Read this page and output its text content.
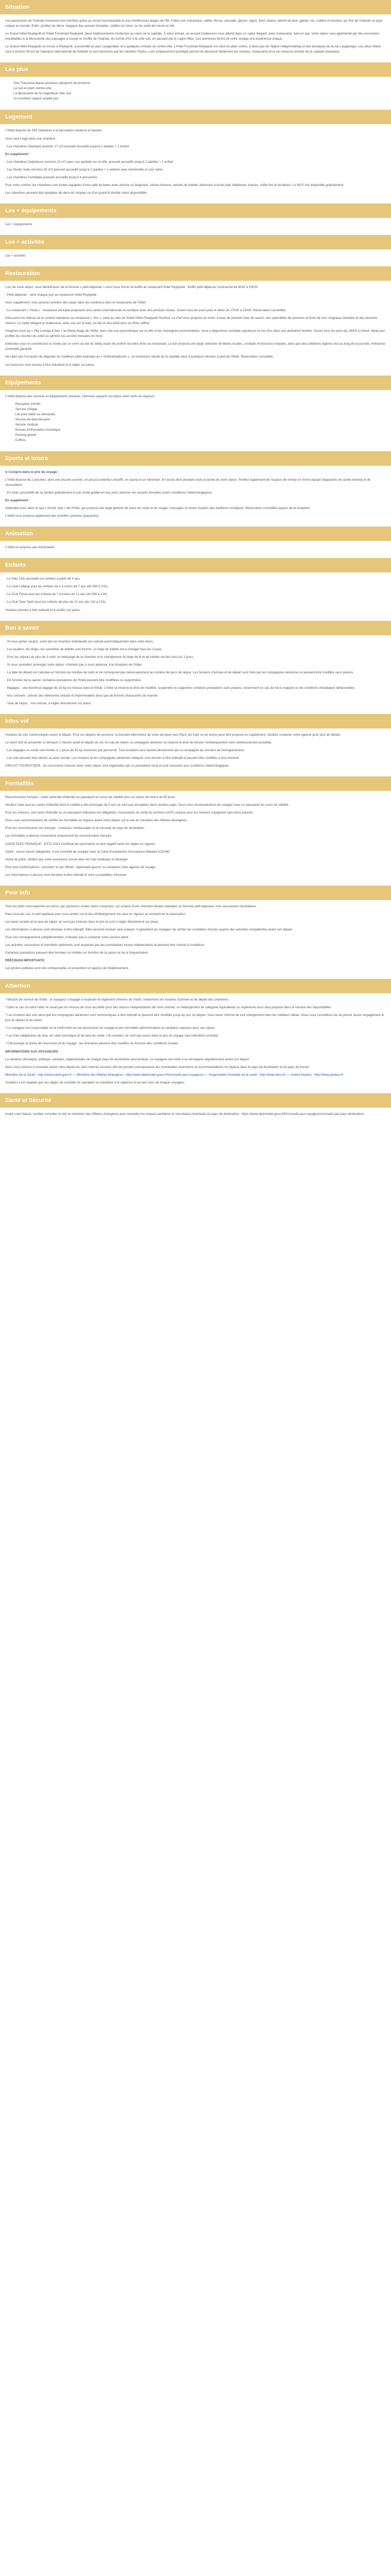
Situation

Les passionnés de l'Islande trouveront leur bonheur grâce au circuit incomparable et aux nombreuses plages de l'Île. Faites-voir volcanique, vallée, fleuve, cascade, geyser, lagon, fjord, falaise, désert de lave, glacier, lac, cratère et toundra, qui font de l'Islande un pays unique au monde. Enfin, profitez du décor magique des aurores boréales, visibles en hiver, ou du soleil de minuit en été.

Le Grand Hôtel Reykjavik et l'hôtel Fosshotel Reykjavik, deux établissements modernes au cœur de la capitale. À votre arrivée, un accueil chaleureux vous attend dans un cadre élégant, avec restaurants, bars et spa. Votre séjour sera agrémenté par des excursions inoubliables à la découverte des paysages à couper le souffle de l'Islande, du Cercle d'Or à la côte sud, en passant par le Lagon Bleu. Ces aventures feront de votre voyage une expérience unique.

Le Grand Hôtel Reykjavik se trouve à Reykjavik, à proximité du parc Laugardalur et à quelques minutes du centre-ville. L'hôtel Fosshotel Reykjavik est situé en plein centre, à deux pas de l'église Hallgrímskirkja et des boutiques de la rue Laugavegur. Les deux hôtels sont à environ 50 km de l'aéroport international de Keflavík et sont desservis par les navettes Flybus. Leur emplacement privilégié permet de découvrir facilement les musées, restaurants et la vie nocturne animée de la capitale islandaise.

Les plus
Vols Transavia depuis plusieurs aéroports de province
La nuit en plein centre-ville
La découverte de la magnifique côte sud
Un excellent rapport qualité-prix
Logement

L'hôtel dispose de 339 chambres à la décoration moderne et épurée.

Vous serez logé dans une chambre :

- Les chambres Standard (environ 17 m²) pouvant accueillir jusqu'à 2 adultes + 1 enfant

En supplément :

- Les chambres Supérieure (environ 22 m²) avec vue partielle sur la ville, pouvant accueillir jusqu'à 2 adultes + 1 enfant

- Les Studio Suite (environ 35 m²) pouvant accueillir jusqu'à 2 adultes + 2 enfants avec kitchenette et coin salon

- Les chambres Familiales pouvant accueillir jusqu'à 4 personnes

Pour votre confort, les chambres sont toutes équipées d'une salle de bains avec douche ou baignoire, sèche-cheveux, articles de toilette, télévision à écran plat, téléphone, bureau, coffre-fort et bouilloire. Le Wi-Fi est disponible gratuitement.

Les chambres peuvent être équipées de deux lits simples ou d'un grand lit double selon disponibilité.

Les + équipements

Les + équipements

Les + activités

Les + activités

Restauration

Lors de votre séjour, vous bénéficierez de la formule « petit-déjeuner » servi sous forme de buffet au restaurant Hotel Reykjavik : Buffet petit-déjeuner continental de 6h30 à 10h00.

- Petit-déjeuner : servi chaque jour au restaurant Hotel Reykjavik

Avec supplément, vous pourrez prendre des repas dans les nombreux bars et restaurants de l'hôtel :

- Le restaurant « Fésta » : restaurant principal proposant une cuisine internationale et nordique avec des produits locaux. Ouvert tous les jours pour le dîner de 17h30 à 22h00. Réservation conseillée.

Découvrez les délices de la cuisine islandaise au restaurant « Vox », situé au sein de l'hôtel Hilton Reykjavik Nordica. Le chef vous propose un menu à base de produits frais de saison, des spécialités de poissons et fruits de mer, d'agneau islandais et des desserts maison. Le cadre élégant et chaleureux, avec vue sur la baie, en fait un lieu idéal pour un dîner raffiné.

Imaginez-vous au « Sky Lounge & Bar » au 8ème étage de l'hôtel, avec une vue panoramique sur la ville et les montagnes environnantes. Vous y dégusterez cocktails signatures et vins fins dans une ambiance feutrée. Ouvert tous les jours de 16h00 à minuit. Idéal pour profiter du coucher de soleil ou admirer les aurores boréales en hiver.

Détendez-vous et commencez la soirée par un verre au bar du lobby avant de profiter de votre dîner au restaurant. Le bar propose une large sélection de bières locales, cocktails et boissons chaudes, ainsi que des collations légères tout au long de la journée. Ambiance conviviale garantie.

Ne ratez pas l'occasion de déguster les meilleurs plats islandais au « Grillmarkaðurinn », un restaurant réputé de la capitale situé à quelques minutes à pied de l'hôtel. Réservation conseillée.

Les boissons sont servies à titre individuel et à régler sur place.

Equipements

L'hôtel dispose des services et équipements suivants. (Services payants sur place selon tarifs en vigueur) :

- Réception 24/24h
- Service d'étage
- Lits pour bébé sur demande
- Service de blanchisserie
- Service médical
- Bureau d'information touristique
- Parking gratuit
- Coffres
Sports et loisirs

➤ Compris dans le prix du voyage :

L'hôtel dispose de 2 piscines, dont une piscine ouverte, un jacuzzi extérieur chauffé, un sauna et un hammam. En accès libre pendant toute la durée de votre séjour. Profitez également de l'espace de remise en forme équipé d'appareils de cardio-training et de musculation.

- En hiver, possibilité de se joindre gratuitement à une sortie guidée en bus pour observer les aurores boréales (selon conditions météorologiques).

En supplément :

Détendez-vous dans le spa « Nordic Spa » de l'hôtel, qui propose une large gamme de soins du corps et du visage, massages et rituels inspirés des traditions nordiques. Réservation conseillée auprès de la réception.

L'hôtel vous propose également des activités sportives (payantes).

Animation

L'hôtel ne propose pas d'animation.

Enfants

- Le Kids Club accueille vos enfants à partir de 4 ans.

- Le Club Lollipop pour les enfants de 4 à moins de 7 ans (de 09h à 21h).

- Le Club Fiesta pour les enfants de 7 à moins de 12 ans (de 09h à 21h).

- Le Club Teen Spirit pour les enfants de plus de 12 ans (de 13h à 21h).

Horaires donnés à titre indicatif et à vérifier sur place.

Bon à savoir

- Si vous partez seul(e), votre prix en chambre individuelle est calculé automatiquement dans votre devis.

- Les lavabos, les draps, les serviettes de toilette sont fournis. Le linge de toilette est à changer tous les 3 jours.

- Pour les séjours de plus de 3 nuits, le nettoyage de la chambre et le changement du linge de lit et de toilette ont lieu tous les 3 jours.

- Si vous souhaitez prolonger votre séjour, n'hésitez pas à vous adresser à la réception de l'hôtel.

- La date de départ est calculée en fonction du nombre de nuits et ne correspond pas nécessairement au nombre de jours de séjour. Les horaires d'arrivée et de départ sont fixés par les compagnies aériennes et peuvent être modifiés sans préavis.

- En fonction de la saison, certaines prestations de l'hôtel peuvent être modifiées ou supprimées.

- Bagages : une franchise bagage de 23 kg est incluse dans le forfait. L'hôtel se réserve le droit de modifier, suspendre ou supprimer certaines prestations sans préavis, notamment en cas de force majeure ou de conditions climatiques défavorables.

- Nos conseils : prévoir des vêtements chauds et imperméables ainsi que de bonnes chaussures de marche.

- Taxe de séjour : non incluse, à régler directement sur place.

Infos vol

Horaires de vols communiqués avant le départ. Pour les départs de province, le transfert aller/retour de votre aéroport vers Paris (en train ou en avion) peut être proposé en supplément. Veuillez contacter votre agence pour plus de détails.

Le client doit se présenter à l'aéroport 2 heures avant le départ du vol. En cas de retard, la compagnie aérienne se réserve le droit de refuser l'embarquement sans remboursement possible.

- Les bagages en soute sont limités à 1 pièce de 23 kg maximum par personne. Tout excédent sera facturé directement par la compagnie au moment de l'enregistrement.

- Les vols peuvent être directs ou avec escale. Les horaires et les compagnies aériennes indiqués sont donnés à titre indicatif et peuvent être modifiés à tout moment.

CIRCUIT TOURISTIQUE : les excursions incluses dans votre séjour sont organisées par un prestataire local et sont soumises aux conditions météorologiques.

Formalités

Ressortissants français : carte nationale d'identité ou passeport en cours de validité pour un séjour de moins de 90 jours.

Veuillez noter que les cartes d'identité dont la validité a été prolongée de 5 ans ne sont pas acceptées dans certains pays. Nous vous recommandons de voyager avec un passeport en cours de validité.

Pour les mineurs, une carte d'identité ou un passeport individuel est obligatoire. Autorisation de sortie du territoire (AST) requise pour les mineurs voyageant sans leurs parents.

Nous vous recommandons de vérifier les formalités en vigueur avant votre départ sur le site du ministère des Affaires étrangères.

Pour les ressortissants non français : contactez l'ambassade ou le consulat du pays de destination.

Les formalités ci-dessus concernent uniquement les ressortissants français.

COVID ÉLECTRONIQUE : ESTA-2021 Certificat de vaccination ou test négatif selon les règles en vigueur.

Santé : aucun vaccin obligatoire. Il est conseillé de voyager avec la Carte Européenne d'Assurance Maladie (CEAM).

Avant de partir, vérifiez que votre assurance couvre bien les frais médicaux à l'étranger.

Pour plus d'informations, consultez le site officiel : diplomatie.gouv.fr ou contactez votre agence de voyage.

Les informations ci-dessus sont données à titre indicatif et sont susceptibles d'évoluer.

Pour info

Tous les tarifs sont exprimés en euros, par personne, toutes taxes comprises, sur la base d'une chambre double standard, en formule petit-déjeuner, hors assurances facultatives.

Dans tous les cas, le tarif appliqué pour vous rendre sur le lieu d'hébergement est celui en vigueur au moment de la réservation.

Les taxes locales et la taxe de séjour ne sont pas incluses dans le prix et sont à régler directement sur place.

Les informations ci-dessus sont données à titre indicatif. Elles peuvent évoluer sans préavis. Il appartient au voyageur de vérifier les conditions d'accès auprès des autorités compétentes avant son départ.

Pour tout renseignement complémentaire, n'hésitez pas à contacter notre service client.

Les activités, excursions et transferts optionnels sont proposés par des prestataires locaux indépendants et peuvent être soumis à conditions.

Certaines prestations peuvent être fermées ou limitées en fonction de la saison et de la fréquentation.

PRÉCISION IMPORTANTE

Les photos publiées sont non contractuelles et présentent un aperçu de l'établissement.

Attention

* Mission de service de l'hôtel : le voyageur s'engage à respecter le règlement intérieur de l'hôtel, notamment les horaires d'arrivée et de départ des chambres.

* Dans le cas où votre hôtel ne serait pas en mesure de vous accueillir pour des raisons indépendantes de notre volonté, un hébergement de catégorie équivalente ou supérieure vous sera proposé dans la mesure des disponibilités.

* Les horaires des vols ainsi que les compagnies aériennes sont communiqués à titre indicatif et peuvent être modifiés jusqu'au jour du départ. Vous serez informé de tout changement dans les meilleurs délais. Nous vous conseillons de ne prévoir aucun engagement le jour du départ et du retour.

* Le voyageur est responsable de la conformité de ses documents de voyage et des formalités administratives et sanitaires requises pour son séjour.

* Les frais obligatoires de visa, de carte touristique et de taxe de sortie, s'ils existent, ne sont pas inclus dans le prix du voyage sauf indication contraire.

* Chronologie et durée de l'excursion et du voyage : les itinéraires peuvent être modifiés en fonction des conditions locales.

INFORMATIONS AUX VOYAGEURS

La situation climatique, politique, sanitaire, réglementaire de chaque pays de destination peut évoluer. Le voyageur est invité à se renseigner régulièrement avant son départ.

Nous vous invitons à consulter avant votre départ les sites internet suivants afin de prendre connaissance des éventuelles restrictions et recommandations en vigueur dans le pays de destination et du pays de transit.

Ministère de la Santé : http://www.sante.gouv.fr — Ministère des Affaires étrangères : http://www.diplomatie.gouv.fr/fr/conseils-aux-voyageurs — Organisation mondiale de la santé : http://www.who.int — Institut Pasteur : http://www.pasteur.fr

Toutefois il est rappelé que ces règles de conduite ne sauraient se substituer à la vigilance et au bon sens de chaque voyageur.

Santé et Sécurité

Avant votre départ, veuillez consulter le site du ministère des Affaires étrangères pour connaître les risques sanitaires et sécuritaires éventuels du pays de destination : https://www.diplomatie.gouv.fr/fr/conseils-aux-voyageurs/conseils-par-pays-destination/
